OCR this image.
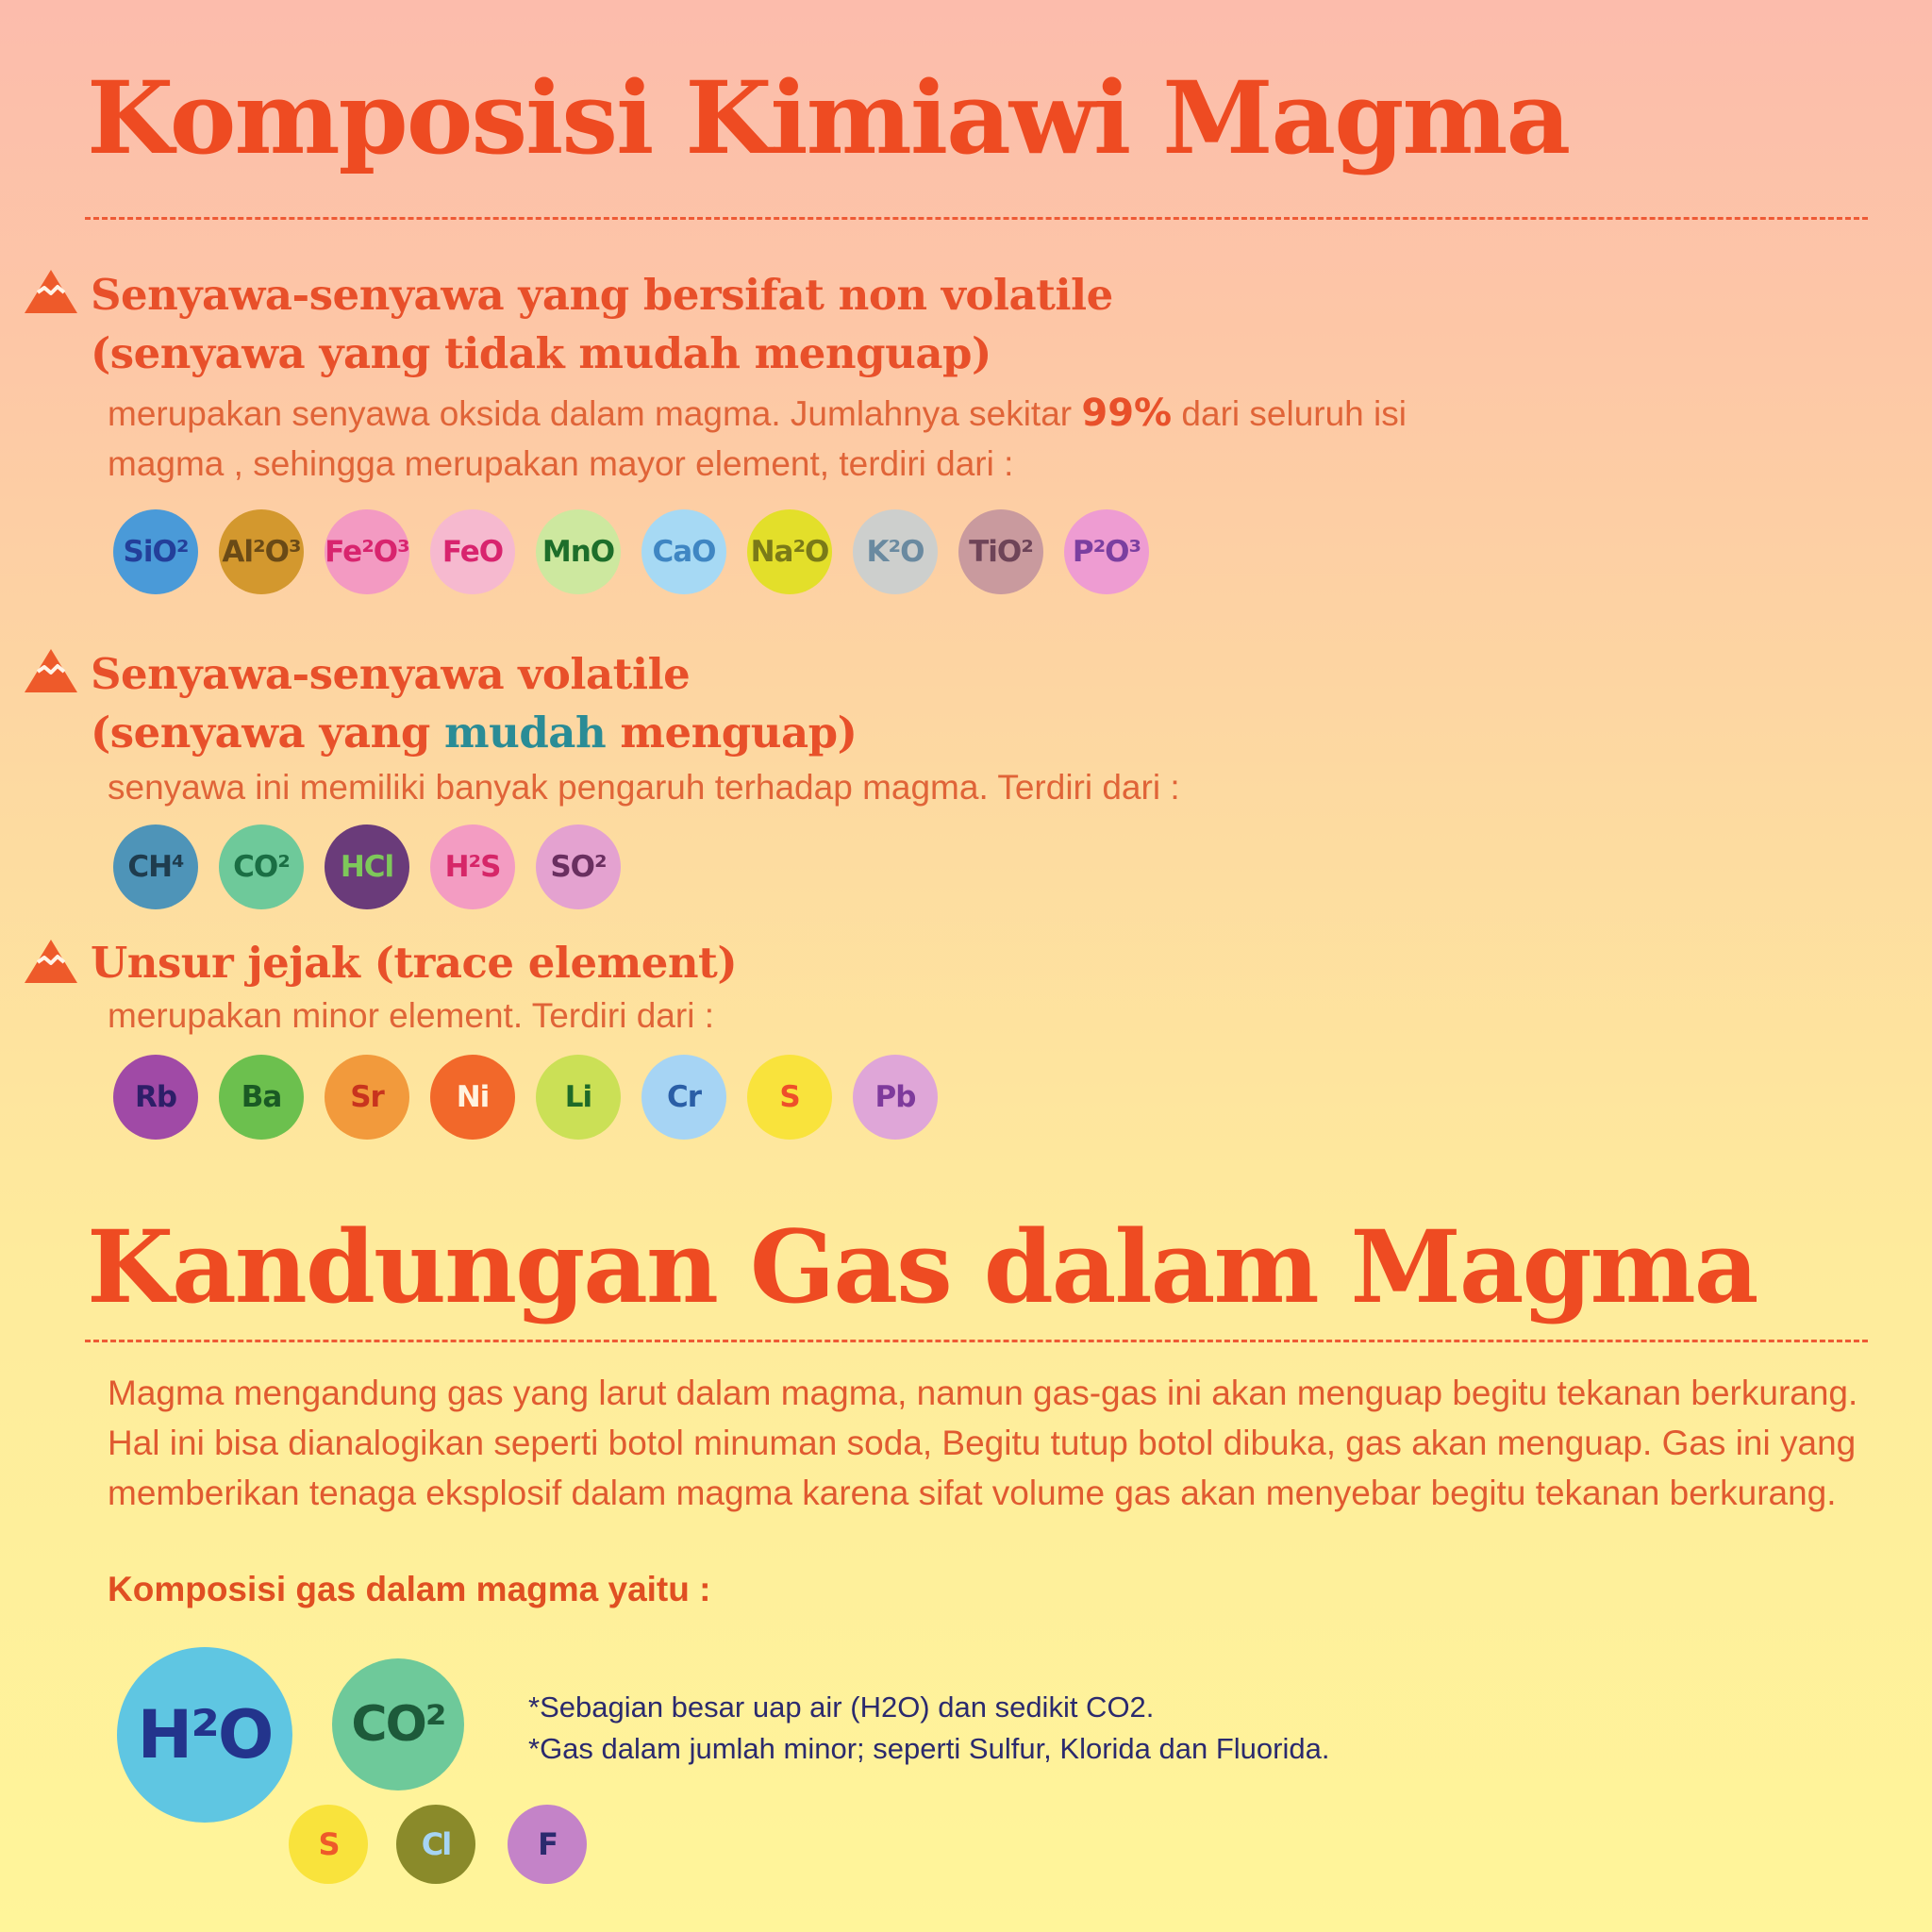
Komposisi Kimiawi Magma
Senyawa-senyawa yang bersifat non volatile
(senyawa yang tidak mudah menguap)
merupakan senyawa oksida dalam magma. Jumlahnya sekitar 99% dari seluruh isi
magma , sehingga merupakan mayor element, terdiri dari :
SiO²	Al²O³ Fe²O³	FeO	MnO	CaO	Na²O	K²O	TiO²	P²O³
Senyawa-senyawa volatile
(senyawa yang mudah menguap)
senyawa ini memiliki banyak pengaruh terhadap magma. Terdiri dari :
CH⁴	CO²	HCl	H²S	SO²
Unsur jejak (trace element)
merupakan minor element. Terdiri dari :
Rb	Ba	Sr	Ni	Li	Cr	S	Pb
Kandungan Gas dalam Magma

Magma mengandung gas yang larut dalam magma, namun gas-gas ini akan menguap begitu tekanan berkurang. Hal ini bisa dianalogikan seperti botol minuman soda, Begitu tutup botol dibuka, gas akan menguap. Gas ini yang memberikan tenaga eksplosif dalam magma karena sifat volume gas akan menyebar begitu tekanan berkurang.

Komposisi gas dalam magma yaitu :

H²O	CO²
S	Cl	F
*Sebagian besar uap air (H2O) dan sedikit CO2.
*Gas dalam jumlah minor; seperti Sulfur, Klorida dan Fluorida.
